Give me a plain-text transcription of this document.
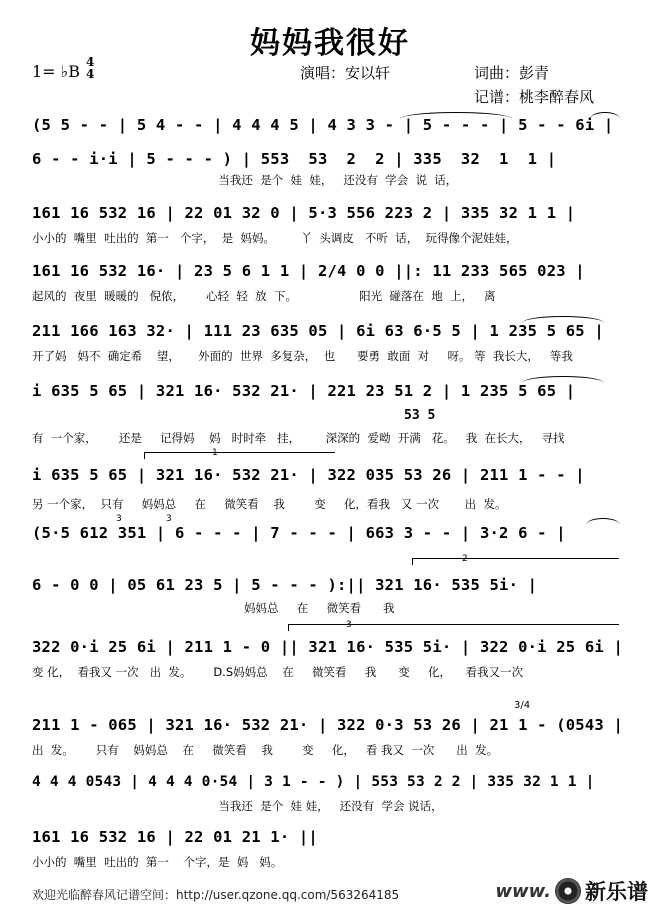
妈妈我很好
1= ♭B 4
4	演唱：安以轩	词曲：彭青
记谱：桃李醉春风
(5 5 - - | 5 4 - - | 4 4 4 5 | 4 3 3 - | 5 - - - | 5 - - 6i |
6 - - i·i | 5 - - - ) | 553  53  2  2 | 335  32  1  1 |
当我还  是个  娃  娃，   还没有  学会  说  话，
161 16 532 16 | 22 01 32 0 | 5·3 556 223 2 | 335 32 1 1 |
小小的  嘴里  吐出的  第一   个字，  是  妈妈。       丫  头调皮   不听  话，  玩得像个泥娃娃，
161 16 532 16· | 23 5 6 1 1 | 2/4 0 0 ||: 11 233 565 023 |
起风的  夜里  暖暖的   倪侬，      心轻  轻  放  下。                 阳光  碰落在  地  上，   离
211 166 163 32· | 111 23 635 05 | 6i 63 6·5 5 | 1 235 5 65 |
开了妈   妈不  确定希    望，     外面的  世界  多复杂，  也      要勇  敢面  对     呀。 等  我长大，   等我
i 635 5 65 | 321 16· 532 21· | 221 23 51 2 | 1 235 5 65 |
53 5
有  一个家，      还是     记得妈    妈   时时牵   挂，       深深的  爱呦  开满   花。   我  在长大，   寻找
1
i 635 5 65 | 321 16· 532 21· | 322 035 53 26 | 211 1 - - |
另 一个家，  只有     妈妈总     在     微笑看    我        变     化，看我   又 一次       出  发。
3	3
(5·5 612 351 | 6 - - - | 7 - - - | 663 3 - - | 3·2 6 - |
2
6 - 0 0 | 05 61 23 5 | 5 - - - ):|| 321 16· 535 5i· |
妈妈总     在     微笑看      我
3
322 0·i 25 6i | 211 1 - 0 || 321 16· 535 5i· | 322 0·i 25 6i |
变 化，  看我又 一次   出  发。      D.S妈妈总    在     微笑看     我      变     化，    看我又一次
3/4
211 1 - 065 | 321 16· 532 21· | 322 0·3 53 26 | 21 1 - (0543 |
出  发。      只有    妈妈总    在     微笑看    我        变     化，   看 我又  一次      出  发。
4 4 4 0543 | 4 4 4 0·54 | 3 1 - - ) | 553 53 2 2 | 335 32 1 1 |
当我还  是个  娃 娃，   还没有  学会 说话，
161 16 532 16 | 22 01 21 1· ||
小小的  嘴里  吐出的  第一    个字，是  妈   妈。
欢迎光临醉春风记谱空间：http://user.qzone.qq.com/563264185	www. 新乐谱
